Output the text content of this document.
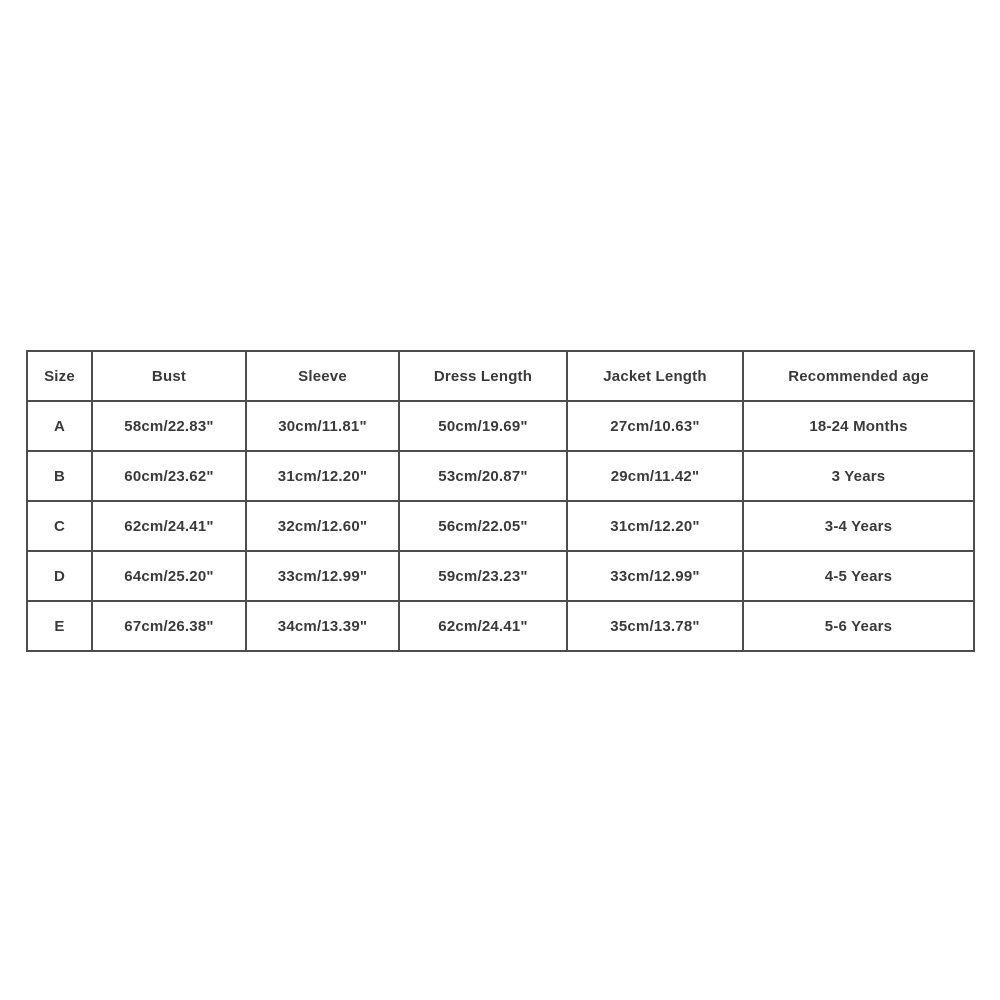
Size	Bust	Sleeve	Dress Length	Jacket Length	Recommended age
A	58cm/22.83"	30cm/11.81"	50cm/19.69"	27cm/10.63"	18-24 Months
B	60cm/23.62"	31cm/12.20"	53cm/20.87"	29cm/11.42"	3 Years
C	62cm/24.41"	32cm/12.60"	56cm/22.05"	31cm/12.20"	3-4 Years
D	64cm/25.20"	33cm/12.99"	59cm/23.23"	33cm/12.99"	4-5 Years
E	67cm/26.38"	34cm/13.39"	62cm/24.41"	35cm/13.78"	5-6 Years
